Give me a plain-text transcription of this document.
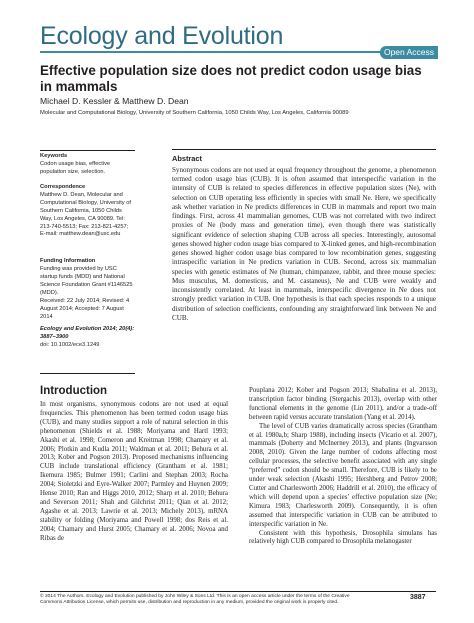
Ecology and Evolution
Open Access
Effective population size does not predict codon usage bias in mammals
Michael D. Kessler & Matthew D. Dean
Molecular and Computational Biology, University of Southern California, 1050 Childs Way, Los Angeles, California 90089
Keywords
Codon usage bias, effective population size, selection.
Correspondence
Matthew D. Dean, Molecular and Computational Biology, University of Southern California, 1050 Childs Way, Los Angeles, CA 90089. Tel: 213-740-5513; Fax: 213-821-4257; E-mail: matthew.dean@usc.edu
Funding Information
Funding was provided by USC startup funds (MDD) and National Science Foundation Grant #1146525 (MDD).
Received: 22 July 2014; Revised: 4 August 2014; Accepted: 7 August 2014
Ecology and Evolution 2014; 20(4): 3887–3900
doi: 10.1002/ece3.1249
Abstract
Synonymous codons are not used at equal frequency throughout the genome, a phenomenon termed codon usage bias (CUB). It is often assumed that interspecific variation in the intensity of CUB is related to species differences in effective population sizes (Ne), with selection on CUB operating less efficiently in species with small Ne. Here, we specifically ask whether variation in Ne predicts differences in CUB in mammals and report two main findings. First, across 41 mammalian genomes, CUB was not correlated with two indirect proxies of Ne (body mass and generation time), even though there was statistically significant evidence of selection shaping CUB across all species. Interestingly, autosomal genes showed higher codon usage bias compared to X-linked genes, and high-recombination genes showed higher codon usage bias compared to low recombination genes, suggesting intraspecific variation in Ne predicts variation in CUB. Second, across six mammalian species with genetic estimates of Ne (human, chimpanzee, rabbit, and three mouse species: Mus musculus, M. domesticus, and M. castaneus), Ne and CUB were weakly and inconsistently correlated. At least in mammals, interspecific divergence in Ne does not strongly predict variation in CUB. One hypothesis is that each species responds to a unique distribution of selection coefficients, confounding any straightforward link between Ne and CUB.
Introduction

In most organisms, synonymous codons are not used at equal frequencies. This phenomenon has been termed codon usage bias (CUB), and many studies support a role of natural selection in this phenomenon (Shields et al. 1988; Moriyama and Hartl 1993; Akashi et al. 1998; Comeron and Kreitman 1998; Chamary et al. 2006; Plotkin and Kudla 2011; Waldman et al. 2011; Behura et al. 2013; Kober and Pogson 2013). Proposed mechanisms influencing CUB include translational efficiency (Grantham et al. 1981; Ikemura 1985; Bulmer 1991; Carlini and Stephan 2003; Rocha 2004; Stoletzki and Eyre-Walker 2007; Parmley and Huynen 2009; Hense 2010; Ran and Higgs 2010, 2012; Sharp et al. 2010; Behura and Severson 2011; Shah and Gilchrist 2011; Qian et al. 2012; Agashe et al. 2013; Lawrie et al. 2013; Michely 2013), mRNA stability or folding (Moriyama and Powell 1998; dos Reis et al. 2004; Chamary and Hurst 2005; Chamary et al. 2006; Novoa and Ribas de

Pouplana 2012; Kober and Pogson 2013; Shabalina et al. 2013), transcription factor binding (Stergachis 2013), overlap with other functional elements in the genome (Lin 2011), and/or a trade-off between rapid versus accurate translation (Yang et al. 2014).

The level of CUB varies dramatically across species (Grantham et al. 1980a,b; Sharp 1988), including insects (Vicario et al. 2007), mammals (Doherty and McInerney 2013), and plants (Ingvarsson 2008, 2010). Given the large number of codons affecting most cellular processes, the selective benefit associated with any single “preferred” codon should be small. Therefore, CUB is likely to be under weak selection (Akashi 1995; Hershberg and Petrov 2008; Cutter and Charlesworth 2006; Haddrill et al. 2010), the efficacy of which will depend upon a species’ effective population size (Ne; Kimura 1983; Charlesworth 2009). Consequently, it is often assumed that interspecific variation in CUB can be attributed to interspecific variation in Ne.

Consistent with this hypothesis, Drosophila simulans has relatively high CUB compared to Drosophila melanogaster

© 2014 The Authors. Ecology and Evolution published by John Wiley & Sons Ltd. This is an open access article under the terms of the Creative Commons Attribution License, which permits use, distribution and reproduction in any medium, provided the original work is properly cited.
3887
